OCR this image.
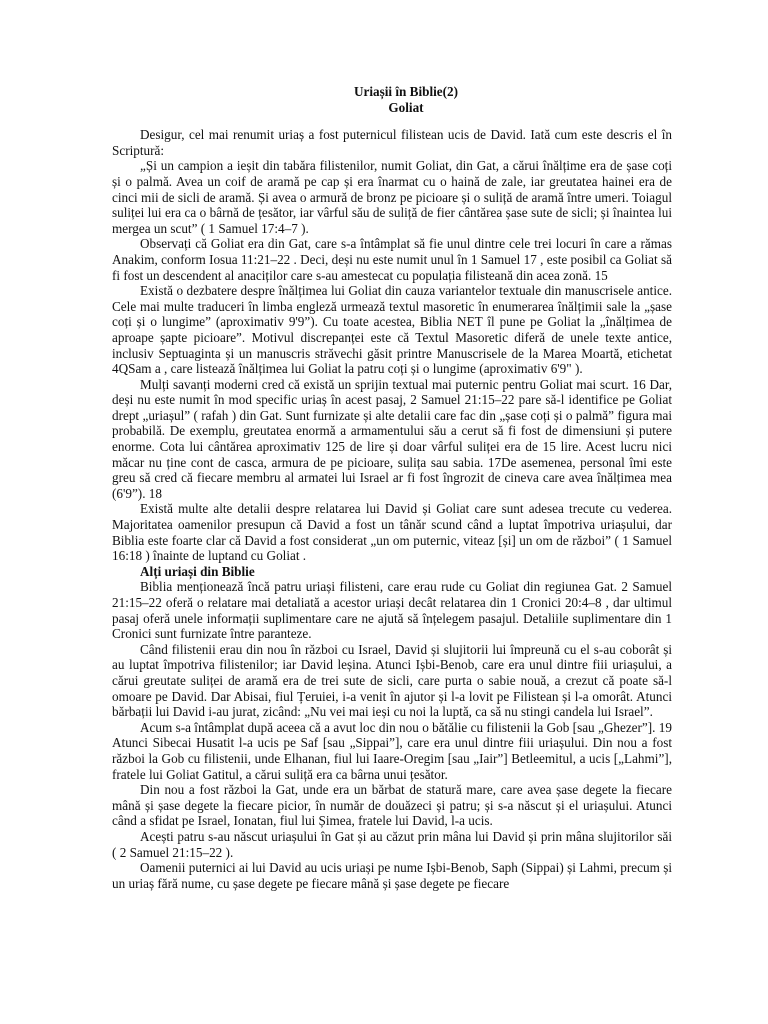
Uriașii în Biblie(2)

Goliat

Desigur, cel mai renumit uriaș a fost puternicul filistean ucis de David. Iată cum este descris el în Scriptură:

„Și un campion a ieșit din tabăra filistenilor, numit Goliat, din Gat, a cărui înălțime era de șase coți și o palmă. Avea un coif de aramă pe cap și era înarmat cu o haină de zale, iar greutatea hainei era de cinci mii de sicli de aramă. Și avea o armură de bronz pe picioare și o suliță de aramă între umeri. Toiagul suliței lui era ca o bârnă de țesător, iar vârful său de suliță de fier cântărea șase sute de sicli; și înaintea lui mergea un scut” ( 1 Samuel 17:4–7 ).

Observați că Goliat era din Gat, care s-a întâmplat să fie unul dintre cele trei locuri în care a rămas Anakim, conform Iosua 11:21–22 . Deci, deși nu este numit unul în 1 Samuel 17 , este posibil ca Goliat să fi fost un descendent al anaciților care s-au amestecat cu populația filisteană din acea zonă. 15

Există o dezbatere despre înălțimea lui Goliat din cauza variantelor textuale din manuscrisele antice. Cele mai multe traduceri în limba engleză urmează textul masoretic în enumerarea înălțimii sale la „șase coți și o lungime” (aproximativ 9'9”). Cu toate acestea, Biblia NET îl pune pe Goliat la „înălțimea de aproape șapte picioare”. Motivul discrepanței este că Textul Masoretic diferă de unele texte antice, inclusiv Septuaginta și un manuscris străvechi găsit printre Manuscrisele de la Marea Moartă, etichetat 4QSam a , care listează înălțimea lui Goliat la patru coți și o lungime (aproximativ 6'9" ).

Mulți savanți moderni cred că există un sprijin textual mai puternic pentru Goliat mai scurt. 16 Dar, deși nu este numit în mod specific uriaș în acest pasaj, 2 Samuel 21:15–22 pare să-l identifice pe Goliat drept „uriașul” ( rafah ) din Gat. Sunt furnizate și alte detalii care fac din „șase coți și o palmă” figura mai probabilă. De exemplu, greutatea enormă a armamentului său a cerut să fi fost de dimensiuni și putere enorme. Cota lui cântărea aproximativ 125 de lire și doar vârful suliței era de 15 lire. Acest lucru nici măcar nu ține cont de casca, armura de pe picioare, sulița sau sabia. 17De asemenea, personal îmi este greu să cred că fiecare membru al armatei lui Israel ar fi fost îngrozit de cineva care avea înălțimea mea (6'9”). 18

Există multe alte detalii despre relatarea lui David și Goliat care sunt adesea trecute cu vederea. Majoritatea oamenilor presupun că David a fost un tânăr scund când a luptat împotriva uriașului, dar Biblia este foarte clar că David a fost considerat „un om puternic, viteaz [și] un om de război” ( 1 Samuel 16:18 ) înainte de luptand cu Goliat .

Alți uriași din Biblie

Biblia menționează încă patru uriași filisteni, care erau rude cu Goliat din regiunea Gat. 2 Samuel 21:15–22 oferă o relatare mai detaliată a acestor uriași decât relatarea din 1 Cronici 20:4–8 , dar ultimul pasaj oferă unele informații suplimentare care ne ajută să înțelegem pasajul. Detaliile suplimentare din 1 Cronici sunt furnizate între paranteze.

Când filistenii erau din nou în război cu Israel, David și slujitorii lui împreună cu el s-au coborât și au luptat împotriva filistenilor; iar David leșina. Atunci Ișbi-Benob, care era unul dintre fiii uriașului, a cărui greutate suliței de aramă era de trei sute de sicli, care purta o sabie nouă, a crezut că poate să-l omoare pe David. Dar Abisai, fiul Țeruiei, i-a venit în ajutor și l-a lovit pe Filistean și l-a omorât. Atunci bărbații lui David i-au jurat, zicând: „Nu vei mai ieși cu noi la luptă, ca să nu stingi candela lui Israel”.

Acum s-a întâmplat după aceea că a avut loc din nou o bătălie cu filistenii la Gob [sau „Ghezer”]. 19 Atunci Sibecai Husatit l-a ucis pe Saf [sau „Sippai”], care era unul dintre fiii uriașului. Din nou a fost război la Gob cu filistenii, unde Elhanan, fiul lui Iaare-Oregim [sau „Iair”] Betleemitul, a ucis [„Lahmi”], fratele lui Goliat Gatitul, a cărui suliță era ca bârna unui țesător.

Din nou a fost război la Gat, unde era un bărbat de statură mare, care avea șase degete la fiecare mână și șase degete la fiecare picior, în număr de douăzeci și patru; și s-a născut și el uriașului. Atunci când a sfidat pe Israel, Ionatan, fiul lui Șimea, fratele lui David, l-a ucis.

Acești patru s-au născut uriașului în Gat și au căzut prin mâna lui David și prin mâna slujitorilor săi ( 2 Samuel 21:15–22 ).

Oamenii puternici ai lui David au ucis uriași pe nume Ișbi-Benob, Saph (Sippai) și Lahmi, precum și un uriaș fără nume, cu șase degete pe fiecare mână și șase degete pe fiecare
